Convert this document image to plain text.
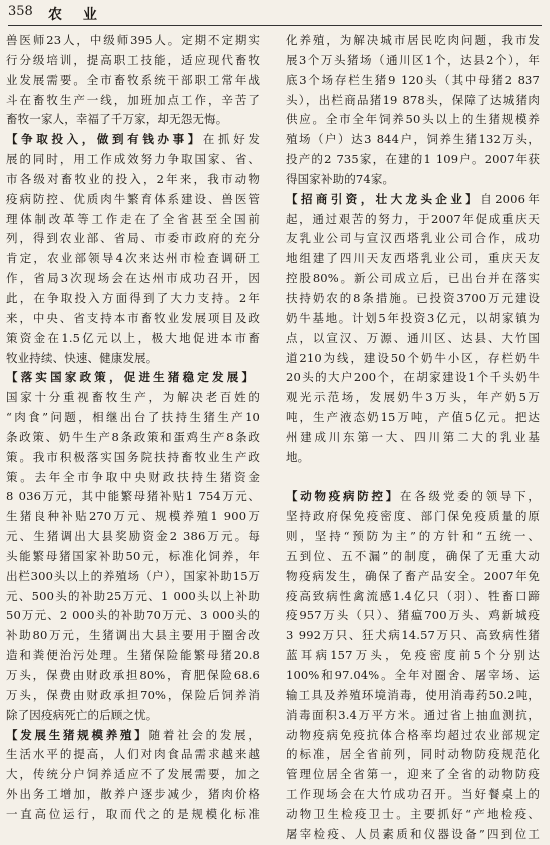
358 农 业
兽医师23人，中级师395人。定期不定期实
行分级培训，提高职工技能，适应现代畜牧
业发展需要。全市畜牧系统干部职工常年战
斗在畜牧生产一线，加班加点工作，辛苦了
畜牧一家人，幸福了千万家，却无怨无悔。
【争取投入，做到有钱办事】在抓好发
展的同时，用工作成效努力争取国家、省、
市各级对畜牧业的投入，2年来，我市动物
疫病防控、优质肉牛繁育体系建设、兽医管
理体制改革等工作走在了全省甚至全国前
列，得到农业部、省局、市委市政府的充分
肯定，农业部领导4次来达州市检查调研工
作，省局3次现场会在达州市成功召开，因
此，在争取投入方面得到了大力支持。2年
来，中央、省支持本市畜牧业发展项目及政
策资金在1.5亿元以上，极大地促进本市畜
牧业持续、快速、健康发展。
【落实国家政策，促进生猪稳定发展】
国家十分重视畜牧生产，为解决老百姓的
“肉食”问题，相继出台了扶持生猪生产10
条政策、奶牛生产8条政策和蛋鸡生产8条政
策。我市积极落实国务院扶持畜牧业生产政
策。去年全市争取中央财政扶持生猪资金
8 036万元，其中能繁母猪补贴1 754万元、
生猪良种补贴270万元、规模养殖1 900万
元、生猪调出大县奖励资金2 386万元。每
头能繁母猪国家补助50元，标准化饲养，年
出栏300头以上的养殖场（户），国家补助15万
元、500头的补助25万元、1 000头以上补助
50万元、2 000头的补助70万元、3 000头的
补助80万元，生猪调出大县主要用于圈舍改
造和粪便治污处理。生猪保险能繁母猪20.8
万头，保费由财政承担80%，育肥保险68.6
万头，保费由财政承担70%，保险后饲养消
除了因疫病死亡的后顾之忧。
【发展生猪规模养殖】随着社会的发展，
生活水平的提高，人们对肉食品需求越来越
大，传统分户饲养适应不了发展需要，加之
外出务工增加，散养户逐步减少，猪肉价格
一直高位运行，取而代之的是规模化标准
化养殖，为解决城市居民吃肉问题，我市发
展3个万头猪场（通川区1个，达县2个），年
底3个场存栏生猪9 120头（其中母猪2 837
头），出栏商品猪19 878头，保障了达城猪肉
供应。全市全年饲养50头以上的生猪规模养
殖场（户）达3 844户，饲养生猪132万头，
投产的2 735家，在建的1 109户。2007年获
得国家补助的74家。
【招商引资，壮大龙头企业】自2006年
起，通过艰苦的努力，于2007年促成重庆天
友乳业公司与宣汉西塔乳业公司合作，成功
地组建了四川天友西塔乳业公司，重庆天友
控股80%。新公司成立后，已出台并在落实
扶持奶农的8条措施。已投资3700万元建设
奶牛基地。计划5年投资3亿元，以胡家镇为
点，以宣汉、万源、通川区、达县、大竹国
道210为线，建设50个奶牛小区，存栏奶牛
20头的大户200个，在胡家建设1个千头奶牛
观光示范场，发展奶牛3万头，年产奶5万
吨，生产液态奶15万吨，产值5亿元。把达
州建成川东第一大、四川第二大的乳业基
地。

【动物疫病防控】在各级党委的领导下，
坚持政府保免疫密度、部门保免疫质量的原
则，坚持“预防为主”的方针和“五统一、
五到位、五不漏”的制度，确保了无重大动
物疫病发生，确保了畜产品安全。2007年免
疫高致病性禽流感1.4亿只（羽）、牲畜口蹄
疫957万头（只）、猪瘟700万头、鸡新城疫
3 992万只、狂犬病14.57万只、高致病性猪
蓝耳病157万头，免疫密度前5个分别达
100%和97.04%。全年对圈舍、屠宰场、运
输工具及养殖环境消毒，使用消毒药50.2吨，
消毒面积3.4万平方米。通过省上抽血测抗，
动物疫病免疫抗体合格率均超过农业部规定
的标准，居全省前列，同时动物防疫规范化
管理位居全省第一，迎来了全省的动物防疫
工作现场会在大竹成功召开。当好餐桌上的
动物卫生检疫卫士。主要抓好“产地检疫、
屠宰检疫、人员素质和仪器设备”四到位工
